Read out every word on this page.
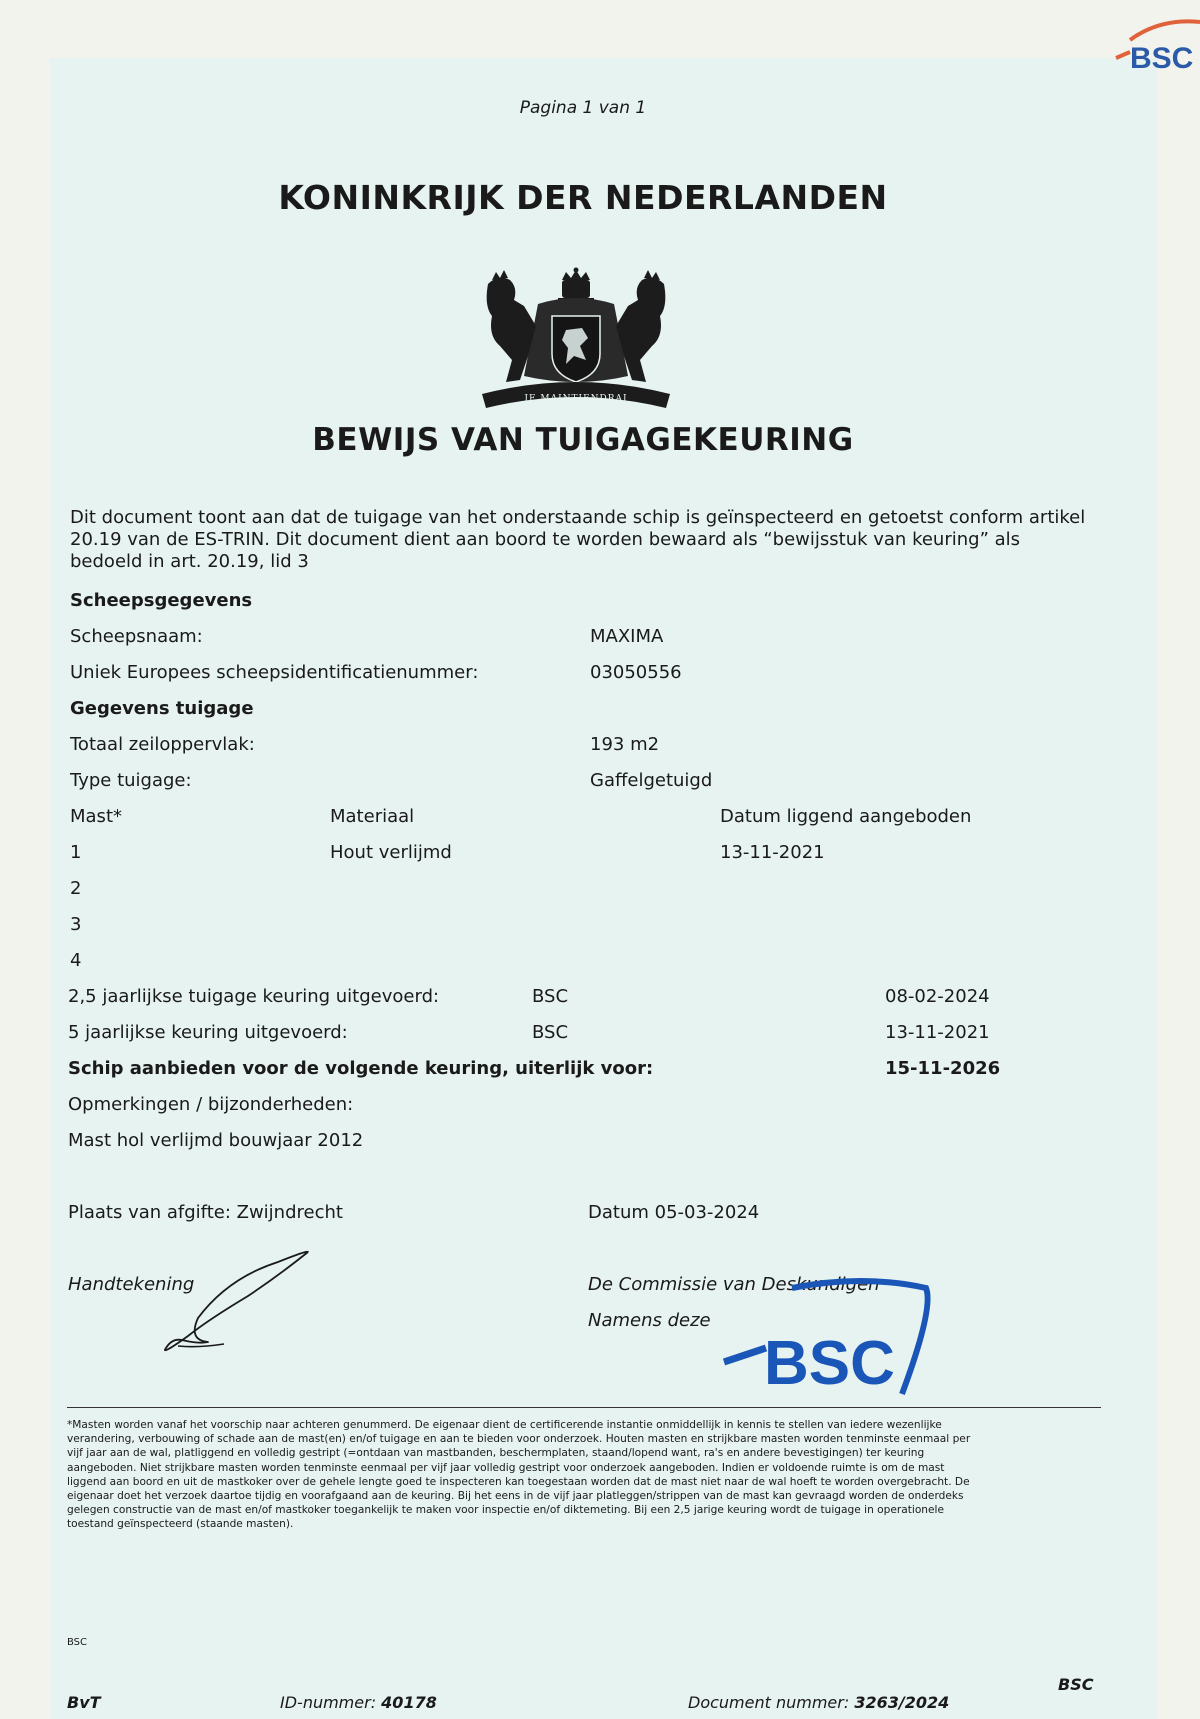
BSC
Pagina 1 van 1
KONINKRIJK DER NEDERLANDEN
JE MAINTIENDRAI
BEWIJS VAN TUIGAGEKEURING
Dit document toont aan dat de tuigage van het onderstaande schip is geïnspecteerd en getoetst conform artikel
20.19 van de ES-TRIN. Dit document dient aan boord te worden bewaard als “bewijsstuk van keuring” als
bedoeld in art. 20.19, lid 3
Scheepsgegevens
Scheepsnaam:	MAXIMA
Uniek Europees scheepsidentificatienummer:	03050556
Gegevens tuigage
Totaal zeiloppervlak:	193 m2
Type tuigage:	Gaffelgetuigd
Mast*	Materiaal	Datum liggend aangeboden
1	Hout verlijmd	13-11-2021
2
3
4
2,5 jaarlijkse tuigage keuring uitgevoerd:	BSC	08-02-2024
5 jaarlijkse keuring uitgevoerd:	BSC	13-11-2021
Schip aanbieden voor de volgende keuring, uiterlijk voor:	15-11-2026
Opmerkingen / bijzonderheden:
Mast hol verlijmd bouwjaar 2012
Plaats van afgifte: Zwijndrecht	Datum 05-03-2024
Handtekening	De Commissie van Deskundigen
Namens deze
BSC
*Masten worden vanaf het voorschip naar achteren genummerd. De eigenaar dient de certificerende instantie onmiddellijk in kennis te stellen van iedere wezenlijke
verandering, verbouwing of schade aan de mast(en) en/of tuigage en aan te bieden voor onderzoek. Houten masten en strijkbare masten worden tenminste eenmaal per
vijf jaar aan de wal, platliggend en volledig gestript (=ontdaan van mastbanden, beschermplaten, staand/lopend want, ra's en andere bevestigingen) ter keuring
aangeboden. Niet strijkbare masten worden tenminste eenmaal per vijf jaar volledig gestript voor onderzoek aangeboden. Indien er voldoende ruimte is om de mast
liggend aan boord en uit de mastkoker over de gehele lengte goed te inspecteren kan toegestaan worden dat de mast niet naar de wal hoeft te worden overgebracht. De
eigenaar doet het verzoek daartoe tijdig en voorafgaand aan de keuring. Bij het eens in de vijf jaar platleggen/strippen van de mast kan gevraagd worden de onderdeks
gelegen constructie van de mast en/of mastkoker toegankelijk te maken voor inspectie en/of diktemeting. Bij een 2,5 jarige keuring wordt de tuigage in operationele
toestand geïnspecteerd (staande masten).
BSC
BSC
BvT	ID-nummer: 40178	Document nummer: 3263/2024
